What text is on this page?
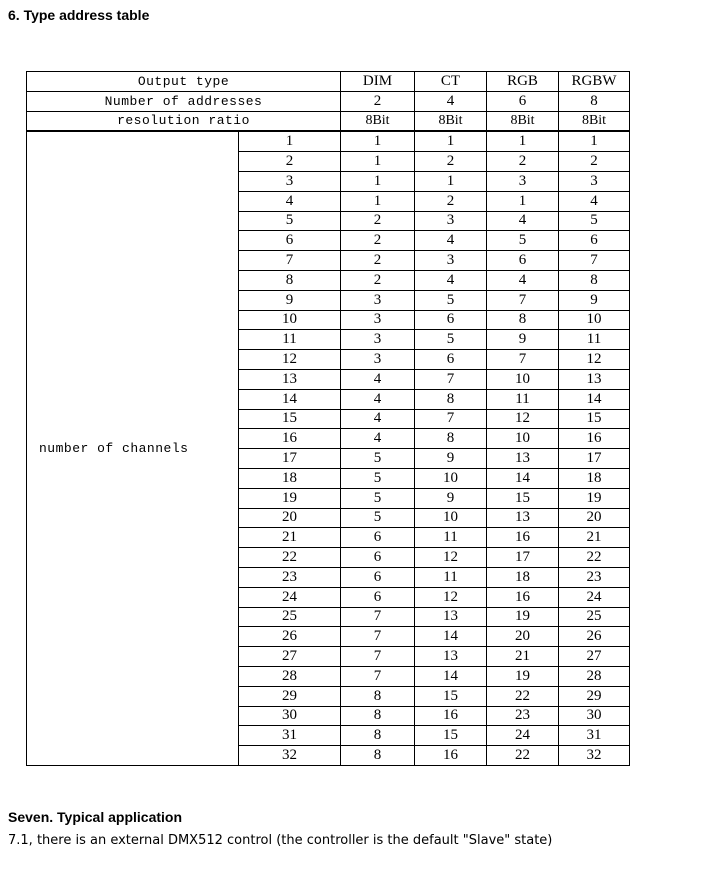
6. Type address table
Output type		DIM	CT	RGB	RGBW
Number of addresses		2	4	6	8
resolution ratio		8Bit	8Bit	8Bit	8Bit
number of channels	1	1	1	1	1
	2	1	2	2	2
	3	1	1	3	3
	4	1	2	1	4
	5	2	3	4	5
	6	2	4	5	6
	7	2	3	6	7
	8	2	4	4	8
	9	3	5	7	9
	10	3	6	8	10
	11	3	5	9	11
	12	3	6	7	12
	13	4	7	10	13
	14	4	8	11	14
	15	4	7	12	15
	16	4	8	10	16
	17	5	9	13	17
	18	5	10	14	18
	19	5	9	15	19
	20	5	10	13	20
	21	6	11	16	21
	22	6	12	17	22
	23	6	11	18	23
	24	6	12	16	24
	25	7	13	19	25
	26	7	14	20	26
	27	7	13	21	27
	28	7	14	19	28
	29	8	15	22	29
	30	8	16	23	30
	31	8	15	24	31
	32	8	16	22	32
Seven. Typical application

7.1, there is an external DMX512 control (the controller is the default "Slave" state)
